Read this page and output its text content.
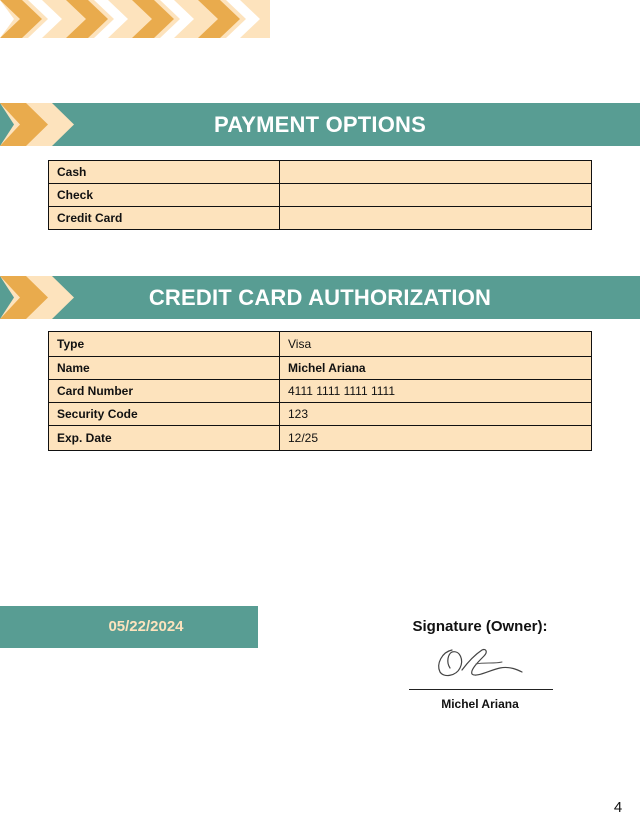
PAYMENT OPTIONS
Cash	
Check	
Credit Card	
CREDIT CARD AUTHORIZATION
Type	Visa
Name	Michel Ariana
Card Number	4111 1111 1111 1111
Security Code	123
Exp. Date	12/25
05/22/2024	Signature (Owner):
Michel Ariana
4
